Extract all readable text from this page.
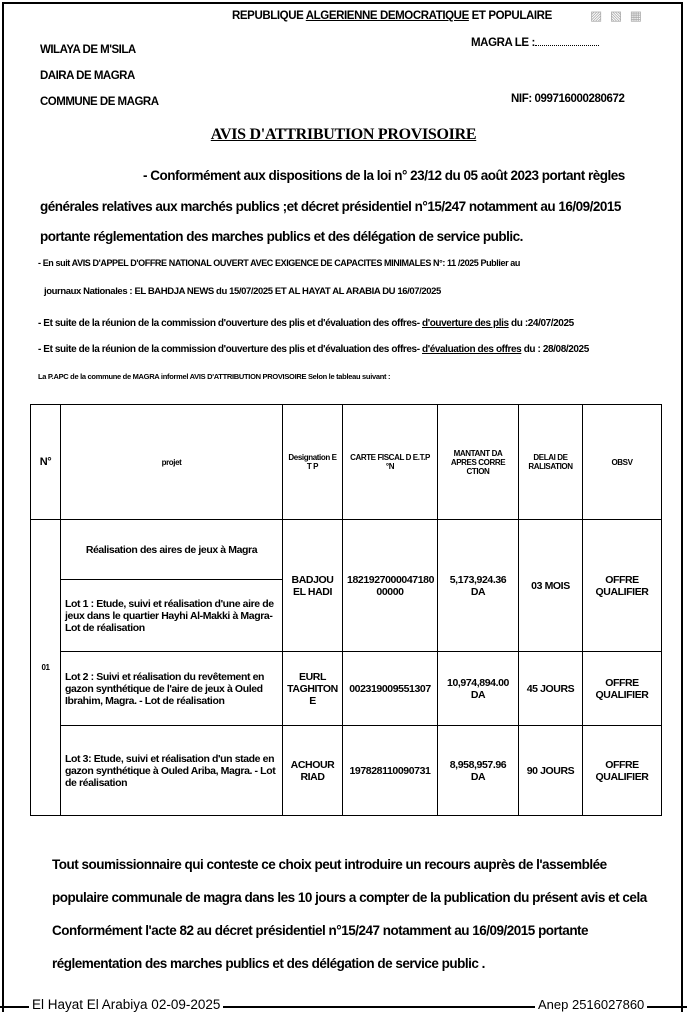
REPUBLIQUE ALGERIENNE DEMOCRATIQUE ET POPULAIRE	▨ ▧ ▦
WILAYA DE M'SILA
DAIRA DE MAGRA
COMMUNE DE MAGRA
MAGRA LE :
NIF: 099716000280672
AVIS D'ATTRIBUTION PROVISOIRE
- Conformément aux dispositions de la loi n° 23/12 du 05 août 2023 portant règles
générales relatives aux marchés publics ;et décret présidentiel n°15/247 notamment au 16/09/2015
portante réglementation des marches publics et des délégation de service public.
- En suit AVIS D'APPEL D'OFFRE NATIONAL OUVERT AVEC EXIGENCE DE CAPACITES MINIMALES N°: 11 /2025 Publier au
journaux Nationales : EL BAHDJA NEWS du 15/07/2025 ET AL HAYAT AL ARABIA DU 16/07/2025
- Et suite de la réunion de la commission d'ouverture des plis et d'évaluation des offres- d'ouverture des plis du :24/07/2025
- Et suite de la réunion de la commission d'ouverture des plis et d'évaluation des offres- d'évaluation des offres du : 28/08/2025
La P.APC de la commune de MAGRA informel AVIS D'ATTRIBUTION PROVISOIRE Selon le tableau suivant :
N°	projet	Designation E T P	CARTE FISCAL D E.T.P °N	MANTANT DA APRES CORRE CTION	DELAI DE RALISATION	OBSV
01	Réalisation des aires de jeux à Magra	BADJOU EL HADI	1821927000047180 00000	5,173,924.36 DA	03 MOIS	OFFRE QUALIFIER
	Lot 1 : Etude, suivi et réalisation d'une aire de jeux dans le quartier Hayhi Al-Makki à Magra- Lot de réalisation					
	Lot 2 : Suivi et réalisation du revêtement en gazon synthétique de l'aire de jeux à Ouled Ibrahim, Magra. - Lot de réalisation	EURL TAGHITON E	002319009551307	10,974,894.00 DA	45 JOURS	OFFRE QUALIFIER
	Lot 3: Etude, suivi et réalisation d'un stade en gazon synthétique à Ouled Ariba, Magra. - Lot de réalisation	ACHOUR RIAD	197828110090731	8,958,957.96 DA	90 JOURS	OFFRE QUALIFIER
Tout soumissionnaire qui conteste ce choix peut introduire un recours auprès de l'assemblée populaire communale de magra dans les 10 jours a compter de la publication du présent avis et cela Conformément l'acte 82 au décret présidentiel n°15/247 notamment au 16/09/2015 portante réglementation des marches publics et des délégation de service public .
El Hayat El Arabiya 02-09-2025	Anep 2516027860
